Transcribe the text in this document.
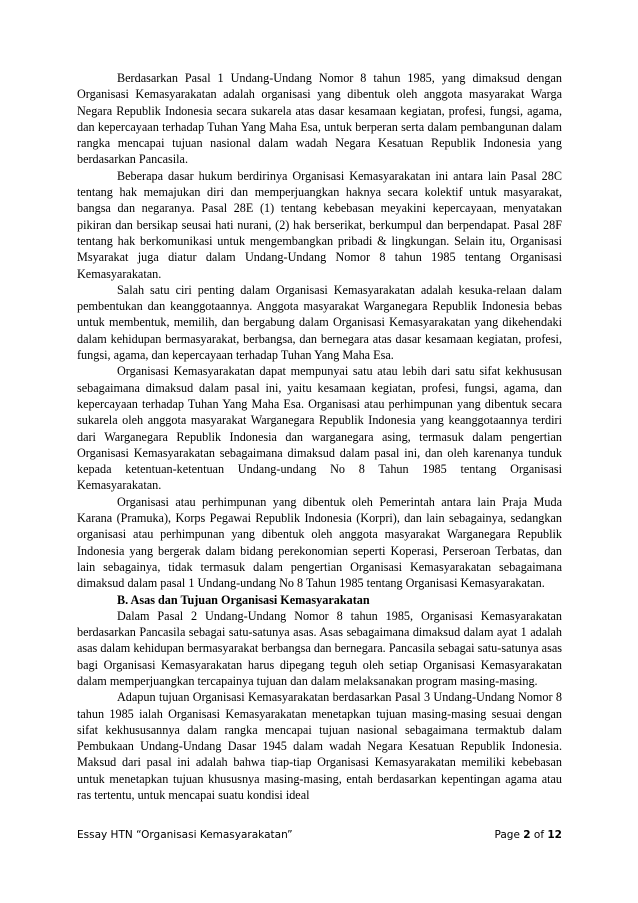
Berdasarkan Pasal 1 Undang-Undang Nomor 8 tahun 1985, yang dimaksud dengan Organisasi Kemasyarakatan adalah organisasi yang dibentuk oleh anggota masyarakat Warga Negara Republik Indonesia secara sukarela atas dasar kesamaan kegiatan, profesi, fungsi, agama, dan kepercayaan terhadap Tuhan Yang Maha Esa, untuk berperan serta dalam pembangunan dalam rangka mencapai tujuan nasional dalam wadah Negara Kesatuan Republik Indonesia yang berdasarkan Pancasila.

Beberapa dasar hukum berdirinya Organisasi Kemasyarakatan ini antara lain Pasal 28C tentang hak memajukan diri dan memperjuangkan haknya secara kolektif untuk masyarakat, bangsa dan negaranya. Pasal 28E (1) tentang kebebasan meyakini kepercayaan, menyatakan pikiran dan bersikap seusai hati nurani, (2) hak berserikat, berkumpul dan berpendapat. Pasal 28F tentang hak berkomunikasi untuk mengembangkan pribadi & lingkungan. Selain itu, Organisasi Msyarakat juga diatur dalam Undang-Undang Nomor 8 tahun 1985 tentang Organisasi Kemasyarakatan.

Salah satu ciri penting dalam Organisasi Kemasyarakatan adalah kesuka-relaan dalam pembentukan dan keanggotaannya. Anggota masyarakat Warganegara Republik Indonesia bebas untuk membentuk, memilih, dan bergabung dalam Organisasi Kemasyarakatan yang dikehendaki dalam kehidupan bermasyarakat, berbangsa, dan bernegara atas dasar kesamaan kegiatan, profesi, fungsi, agama, dan kepercayaan terhadap Tuhan Yang Maha Esa.

Organisasi Kemasyarakatan dapat mempunyai satu atau lebih dari satu sifat kekhususan sebagaimana dimaksud dalam pasal ini, yaitu kesamaan kegiatan, profesi, fungsi, agama, dan kepercayaan terhadap Tuhan Yang Maha Esa. Organisasi atau perhimpunan yang dibentuk secara sukarela oleh anggota masyarakat Warganegara Republik Indonesia yang keanggotaannya terdiri dari Warganegara Republik Indonesia dan warganegara asing, termasuk dalam pengertian Organisasi Kemasyarakatan sebagaimana dimaksud dalam pasal ini, dan oleh karenanya tunduk kepada ketentuan-ketentuan Undang-undang No 8 Tahun 1985 tentang Organisasi Kemasyarakatan.

Organisasi atau perhimpunan yang dibentuk oleh Pemerintah antara lain Praja Muda Karana (Pramuka), Korps Pegawai Republik Indonesia (Korpri), dan lain sebagainya, sedangkan organisasi atau perhimpunan yang dibentuk oleh anggota masyarakat Warganegara Republik Indonesia yang bergerak dalam bidang perekonomian seperti Koperasi, Perseroan Terbatas, dan lain sebagainya, tidak termasuk dalam pengertian Organisasi Kemasyarakatan sebagaimana dimaksud dalam pasal 1 Undang-undang No 8 Tahun 1985 tentang Organisasi Kemasyarakatan.

B. Asas dan Tujuan Organisasi Kemasyarakatan

Dalam Pasal 2 Undang-Undang Nomor 8 tahun 1985, Organisasi Kemasyarakatan berdasarkan Pancasila sebagai satu-satunya asas. Asas sebagaimana dimaksud dalam ayat 1 adalah asas dalam kehidupan bermasyarakat berbangsa dan bernegara. Pancasila sebagai satu-satunya asas bagi Organisasi Kemasyarakatan harus dipegang teguh oleh setiap Organisasi Kemasyarakatan dalam memperjuangkan tercapainya tujuan dan dalam melaksanakan program masing-masing.

Adapun tujuan Organisasi Kemasyarakatan berdasarkan Pasal 3 Undang-Undang Nomor 8 tahun 1985 ialah Organisasi Kemasyarakatan menetapkan tujuan masing-masing sesuai dengan sifat kekhususannya dalam rangka mencapai tujuan nasional sebagaimana termaktub dalam Pembukaan Undang-Undang Dasar 1945 dalam wadah Negara Kesatuan Republik Indonesia. Maksud dari pasal ini adalah bahwa tiap-tiap Organisasi Kemasyarakatan memiliki kebebasan untuk menetapkan tujuan khususnya masing-masing, entah berdasarkan kepentingan agama atau ras tertentu, untuk mencapai suatu kondisi ideal

Essay HTN “Organisasi Kemasyarakatan”	Page 2 of 12
